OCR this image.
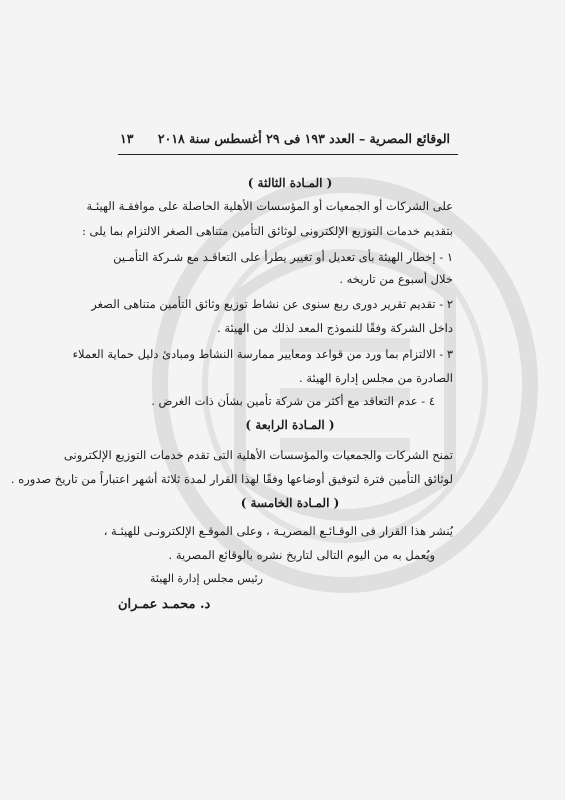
الوقائع المصرية – العدد ١٩٣ فى ٢٩ أغسطس سنة ٢٠١٨
١٣
( المـادة الثالثة )
على الشركات أو الجمعيات أو المؤسسات الأهلية الحاصلة على موافقـة الهيئـة
بتقديم خدمات التوزيع الإلكترونى لوثائق التأمين متناهى الصغر الالتزام بما يلى :
١ - إخطار الهيئة بأى تعديل أو تغيير يطرأ على التعاقـد مع شـركة التأمـين
خلال أسبوع من تاريخه .
٢ - تقديم تقرير دورى ربع سنوى عن نشاط توزيع وثائق التأمين متناهى الصغر
داخل الشركة وفقًا للنموذج المعد لذلك من الهيئة .
٣ - الالتزام بما ورد من قواعد ومعايير ممارسة النشاط ومبادئ دليل حماية العملاء
الصادرة من مجلس إدارة الهيئة .
٤ - عدم التعاقد مع أكثر من شركة تأمين بشأن ذات الغرض .
( المـادة الرابعة )
تمنح الشركات والجمعيات والمؤسسات الأهلية التى تقدم خدمات التوزيع الإلكترونى
لوثائق التأمين فترة لتوفيق أوضاعها وفقًا لهذا القرار لمدة ثلاثة أشهر اعتباراً من تاريخ صدوره .
( المـادة الخامسة )
يُنشر هذا القرار فى الوقـائـع المصريـة ، وعلى الموقـع الإلكترونـى للهيئـة ،
ويُعمل به من اليوم التالى لتاريخ نشره بالوقائع المصرية .
رئيس مجلس إدارة الهيئة
د. محمـد عمـران
